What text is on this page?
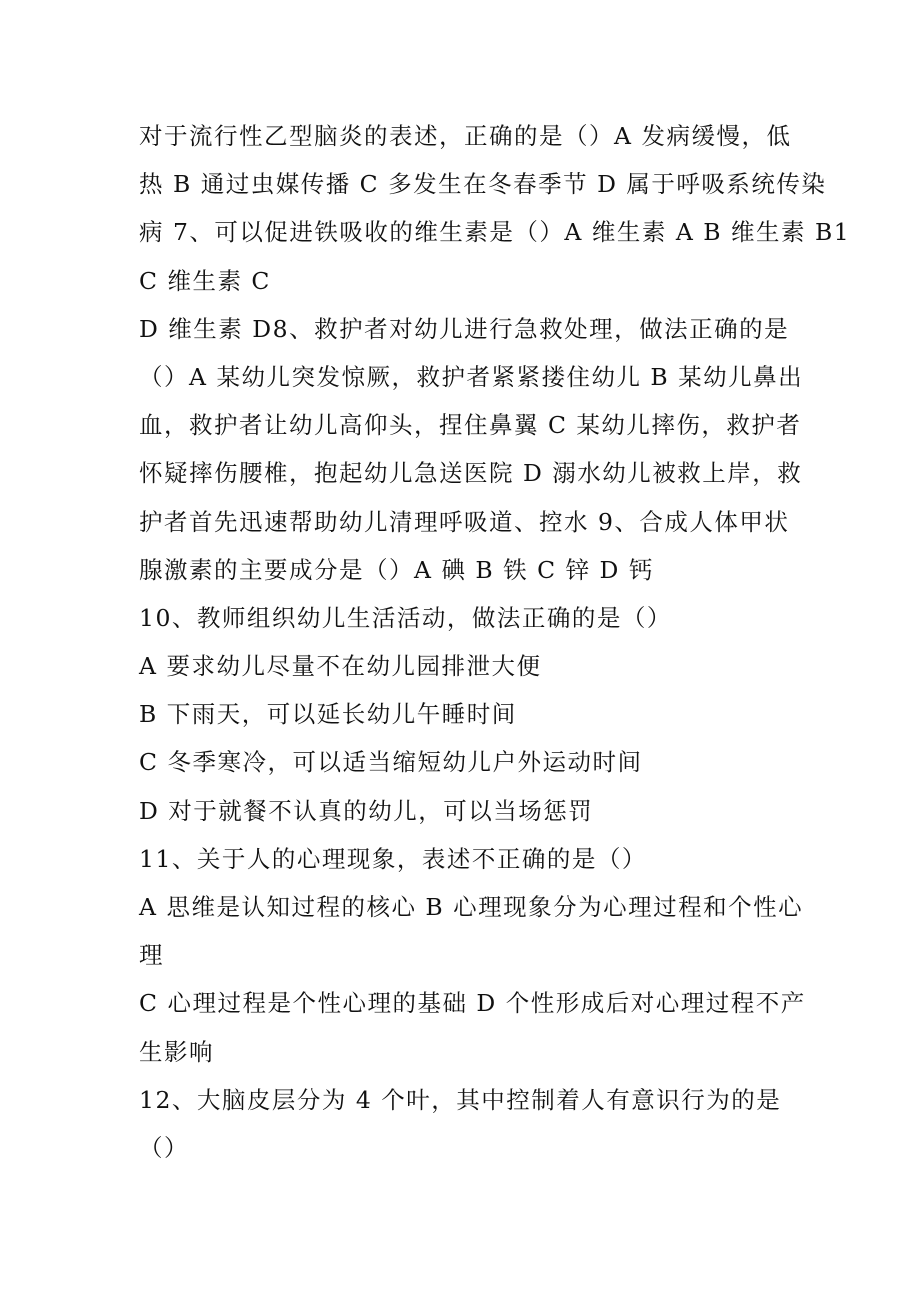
对于流行性乙型脑炎的表述，正确的是（）A 发病缓慢，低
热 B 通过虫媒传播 C 多发生在冬春季节 D 属于呼吸系统传染
病 7、可以促进铁吸收的维生素是（）A 维生素 A B 维生素 B1
C 维生素 C
D 维生素 D8、救护者对幼儿进行急救处理，做法正确的是
（）A 某幼儿突发惊厥，救护者紧紧搂住幼儿 B 某幼儿鼻出
血，救护者让幼儿高仰头，捏住鼻翼 C 某幼儿摔伤，救护者
怀疑摔伤腰椎，抱起幼儿急送医院 D 溺水幼儿被救上岸，救
护者首先迅速帮助幼儿清理呼吸道、控水 9、合成人体甲状
腺激素的主要成分是（）A 碘 B 铁 C 锌 D 钙
10、教师组织幼儿生活活动，做法正确的是（）
A 要求幼儿尽量不在幼儿园排泄大便
B 下雨天，可以延长幼儿午睡时间
C 冬季寒冷，可以适当缩短幼儿户外运动时间
D 对于就餐不认真的幼儿，可以当场惩罚
11、关于人的心理现象，表述不正确的是（）
A 思维是认知过程的核心 B 心理现象分为心理过程和个性心
理
C 心理过程是个性心理的基础 D 个性形成后对心理过程不产
生影响
12、大脑皮层分为 4 个叶，其中控制着人有意识行为的是
（）
